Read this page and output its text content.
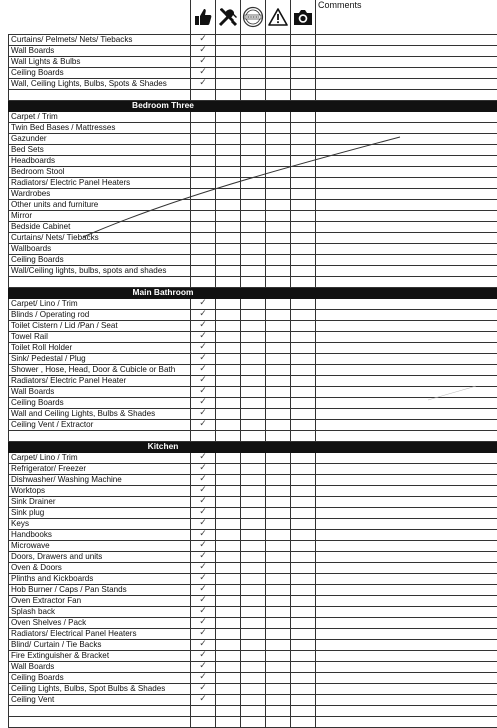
	Comments
Curtains/ Pelmets/ Nets/ Tiebacks	✓					
Wall Boards	✓					
Wall Lights & Bulbs	✓					
Ceiling Boards	✓					
Wall, Ceiling Lights, Bulbs, Spots & Shades	✓					

Bedroom Three						
Carpet / Trim						
Twin Bed Bases / Mattresses						
Gazunder						
Bed Sets						
Headboards						
Bedroom Stool						
Radiators/ Electric Panel Heaters						
Wardrobes						
Other units and furniture						
Mirror						
Bedside Cabinet						
Curtains/ Nets/ Tiebacks						
Wallboards						
Ceiling Boards						
Wall/Ceiling lights, bulbs, spots and shades						

Main Bathroom						
Carpet/ Lino / Trim	✓					
Blinds / Operating rod	✓					
Toilet Cistern / Lid /Pan / Seat	✓					
Towel Rail	✓					
Toilet Roll Holder	✓					
Sink/ Pedestal / Plug	✓					
Shower , Hose, Head, Door & Cubicle or Bath	✓					
Radiators/ Electric Panel Heater	✓					
Wall Boards	✓					
Ceiling Boards	✓					
Wall and Ceiling Lights, Bulbs & Shades	✓					
Ceiling Vent / Extractor	✓					

Kitchen						
Carpet/ Lino / Trim	✓					
Refrigerator/ Freezer	✓					
Dishwasher/ Washing Machine	✓					
Worktops	✓					
Sink Drainer	✓					
Sink plug	✓					
Keys	✓					
Handbooks	✓					
Microwave	✓					
Doors, Drawers and units	✓					
Oven & Doors	✓					
Plinths and Kickboards	✓					
Hob Burner / Caps / Pan Stands	✓					
Oven Extractor Fan	✓					
Splash back	✓					
Oven Shelves / Pack	✓					
Radiators/ Electrical Panel Heaters	✓					
Blind/ Curtain / Tie Backs	✓					
Fire Extinguisher & Bracket	✓					
Wall Boards	✓					
Ceiling Boards	✓					
Ceiling Lights, Bulbs, Spot Bulbs & Shades	✓					
Ceiling Vent	✓					
